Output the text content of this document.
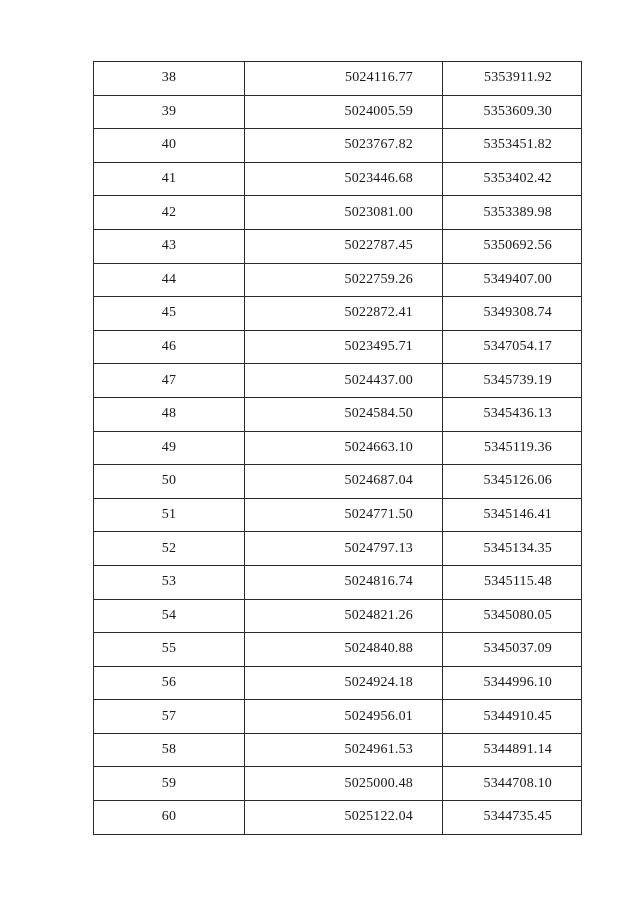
38	5024116.77	5353911.92
39	5024005.59	5353609.30
40	5023767.82	5353451.82
41	5023446.68	5353402.42
42	5023081.00	5353389.98
43	5022787.45	5350692.56
44	5022759.26	5349407.00
45	5022872.41	5349308.74
46	5023495.71	5347054.17
47	5024437.00	5345739.19
48	5024584.50	5345436.13
49	5024663.10	5345119.36
50	5024687.04	5345126.06
51	5024771.50	5345146.41
52	5024797.13	5345134.35
53	5024816.74	5345115.48
54	5024821.26	5345080.05
55	5024840.88	5345037.09
56	5024924.18	5344996.10
57	5024956.01	5344910.45
58	5024961.53	5344891.14
59	5025000.48	5344708.10
60	5025122.04	5344735.45
